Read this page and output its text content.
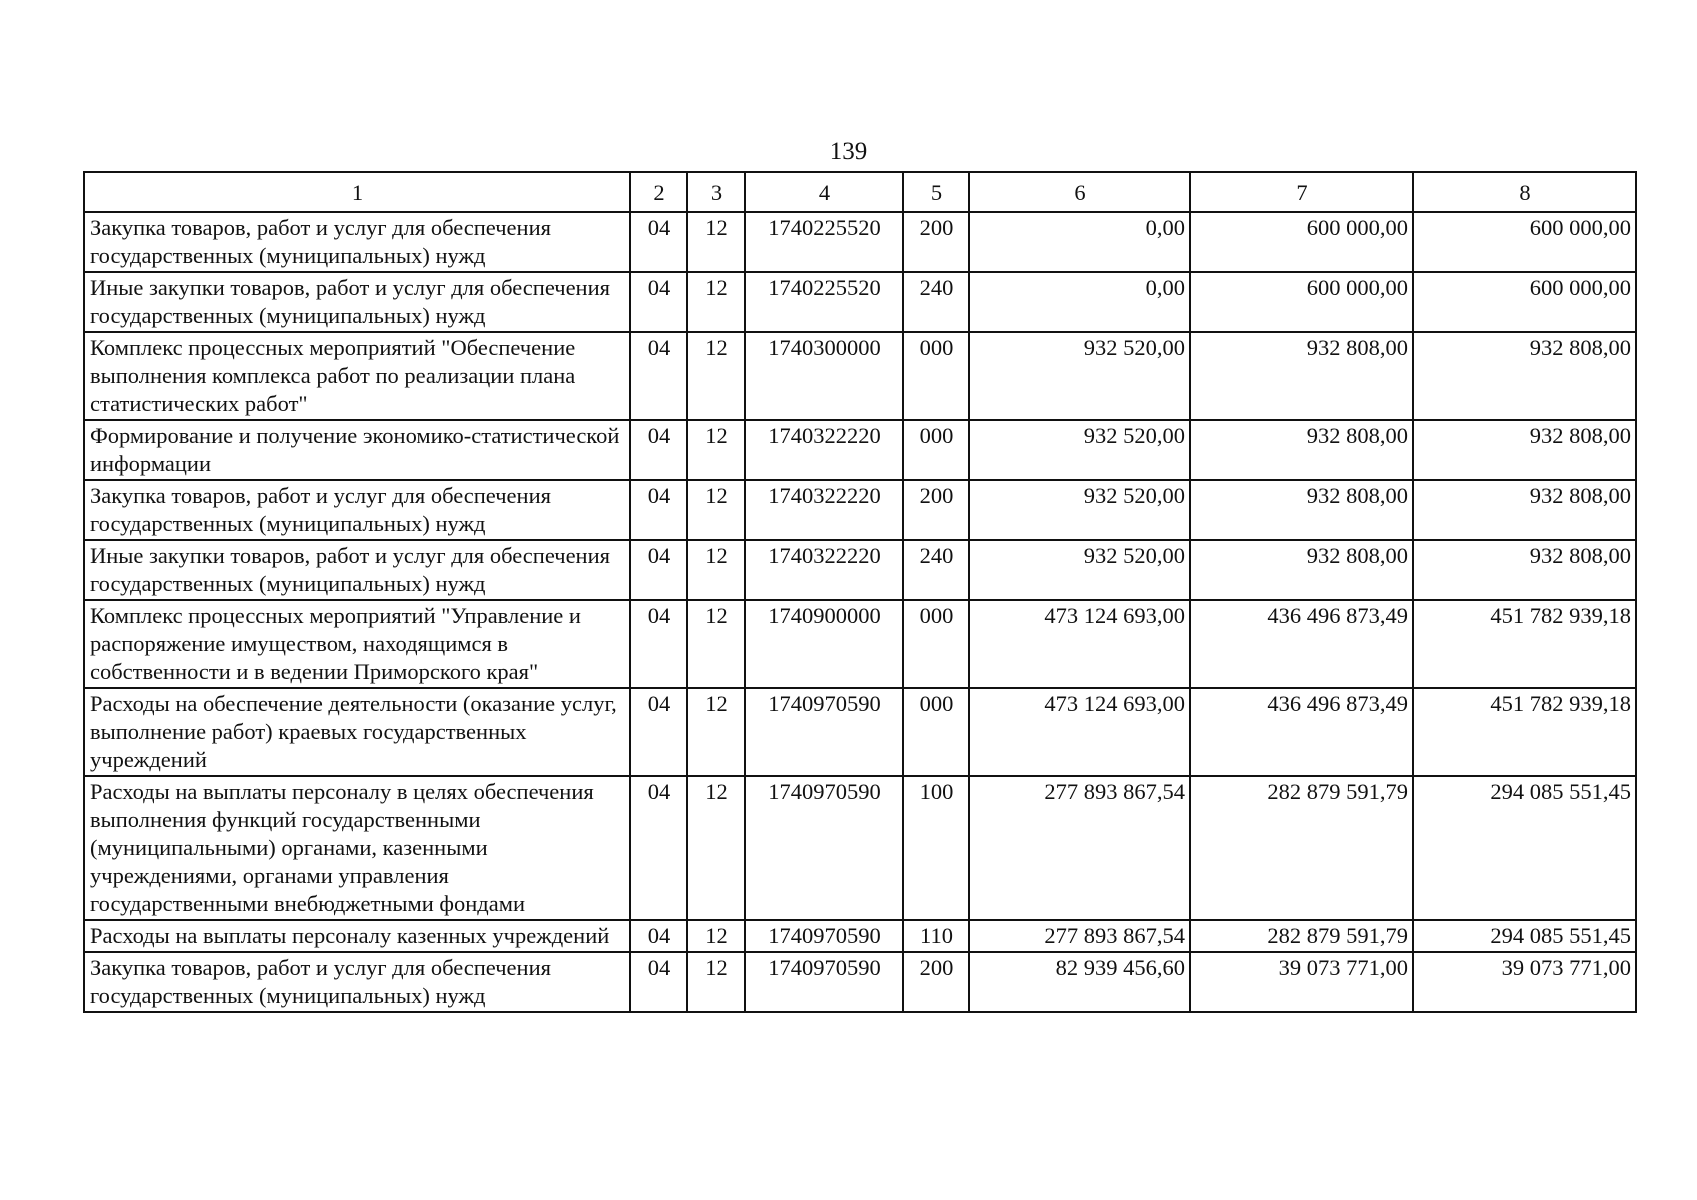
139
1	2	3	4	5	6	7	8
Закупка товаров, работ и услуг для обеспечения государственных (муниципальных) нужд	04	12	1740225520	200	0,00	600 000,00	600 000,00
Иные закупки товаров, работ и услуг для обеспечения государственных (муниципальных) нужд	04	12	1740225520	240	0,00	600 000,00	600 000,00
Комплекс процессных мероприятий "Обеспечение выполнения комплекса работ по реализации плана статистических работ"	04	12	1740300000	000	932 520,00	932 808,00	932 808,00
Формирование и получение экономико-статистической информации	04	12	1740322220	000	932 520,00	932 808,00	932 808,00
Закупка товаров, работ и услуг для обеспечения государственных (муниципальных) нужд	04	12	1740322220	200	932 520,00	932 808,00	932 808,00
Иные закупки товаров, работ и услуг для обеспечения государственных (муниципальных) нужд	04	12	1740322220	240	932 520,00	932 808,00	932 808,00
Комплекс процессных мероприятий "Управление и распоряжение имуществом, находящимся в собственности и в ведении Приморского края"	04	12	1740900000	000	473 124 693,00	436 496 873,49	451 782 939,18
Расходы на обеспечение деятельности (оказание услуг, выполнение работ) краевых государственных учреждений	04	12	1740970590	000	473 124 693,00	436 496 873,49	451 782 939,18
Расходы на выплаты персоналу в целях обеспечения выполнения функций государственными (муниципальными) органами, казенными учреждениями, органами управления государственными внебюджетными фондами	04	12	1740970590	100	277 893 867,54	282 879 591,79	294 085 551,45
Расходы на выплаты персоналу казенных учреждений	04	12	1740970590	110	277 893 867,54	282 879 591,79	294 085 551,45
Закупка товаров, работ и услуг для обеспечения государственных (муниципальных) нужд	04	12	1740970590	200	82 939 456,60	39 073 771,00	39 073 771,00
